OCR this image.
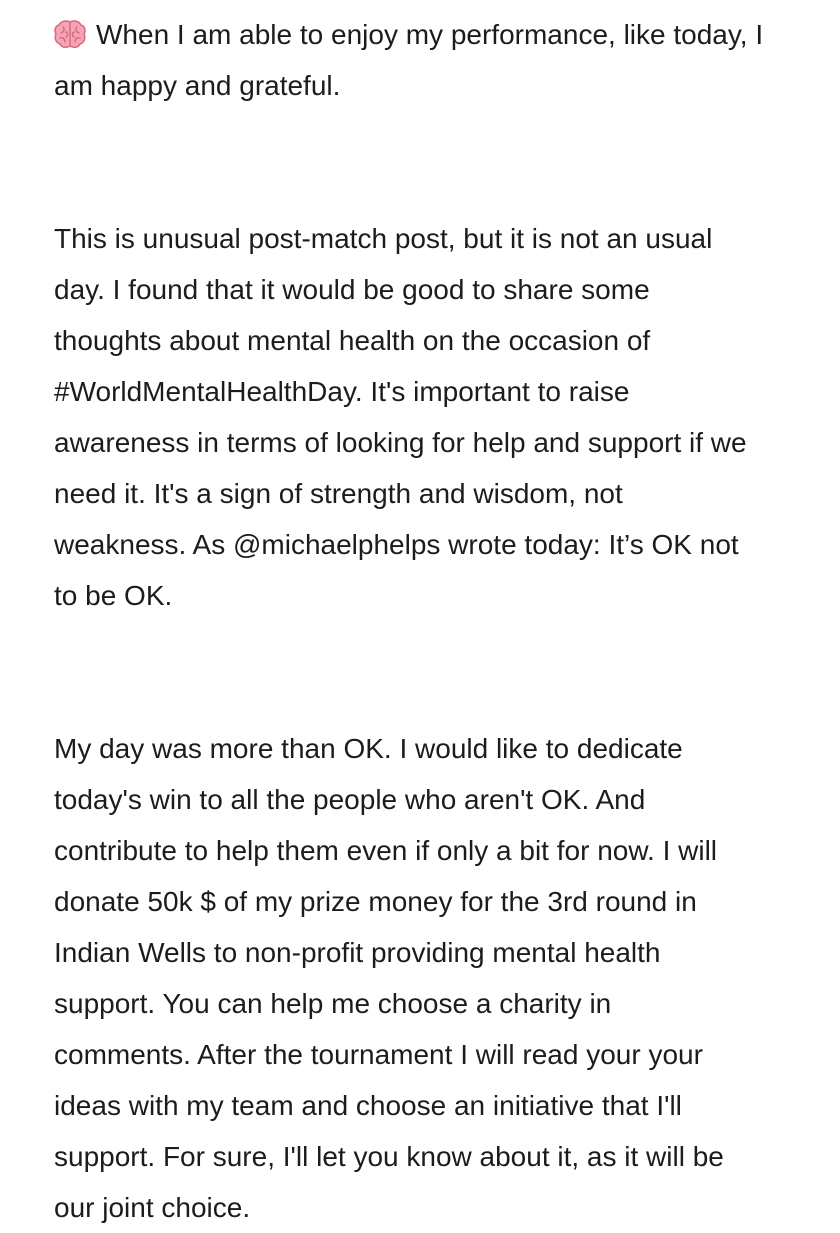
When I am able to enjoy my performance, like today, I
am happy and grateful.
This is unusual post-match post, but it is not an usual
day. I found that it would be good to share some
thoughts about mental health on the occasion of
#WorldMentalHealthDay. It's important to raise
awareness in terms of looking for help and support if we
need it. It's a sign of strength and wisdom, not
weakness. As @michaelphelps wrote today: It’s OK not
to be OK.
My day was more than OK. I would like to dedicate
today's win to all the people who aren't OK. And
contribute to help them even if only a bit for now. I will
donate 50k $ of my prize money for the 3rd round in
Indian Wells to non-profit providing mental health
support. You can help me choose a charity in
comments. After the tournament I will read your your
ideas with my team and choose an initiative that I'll
support. For sure, I'll let you know about it, as it will be
our joint choice.
